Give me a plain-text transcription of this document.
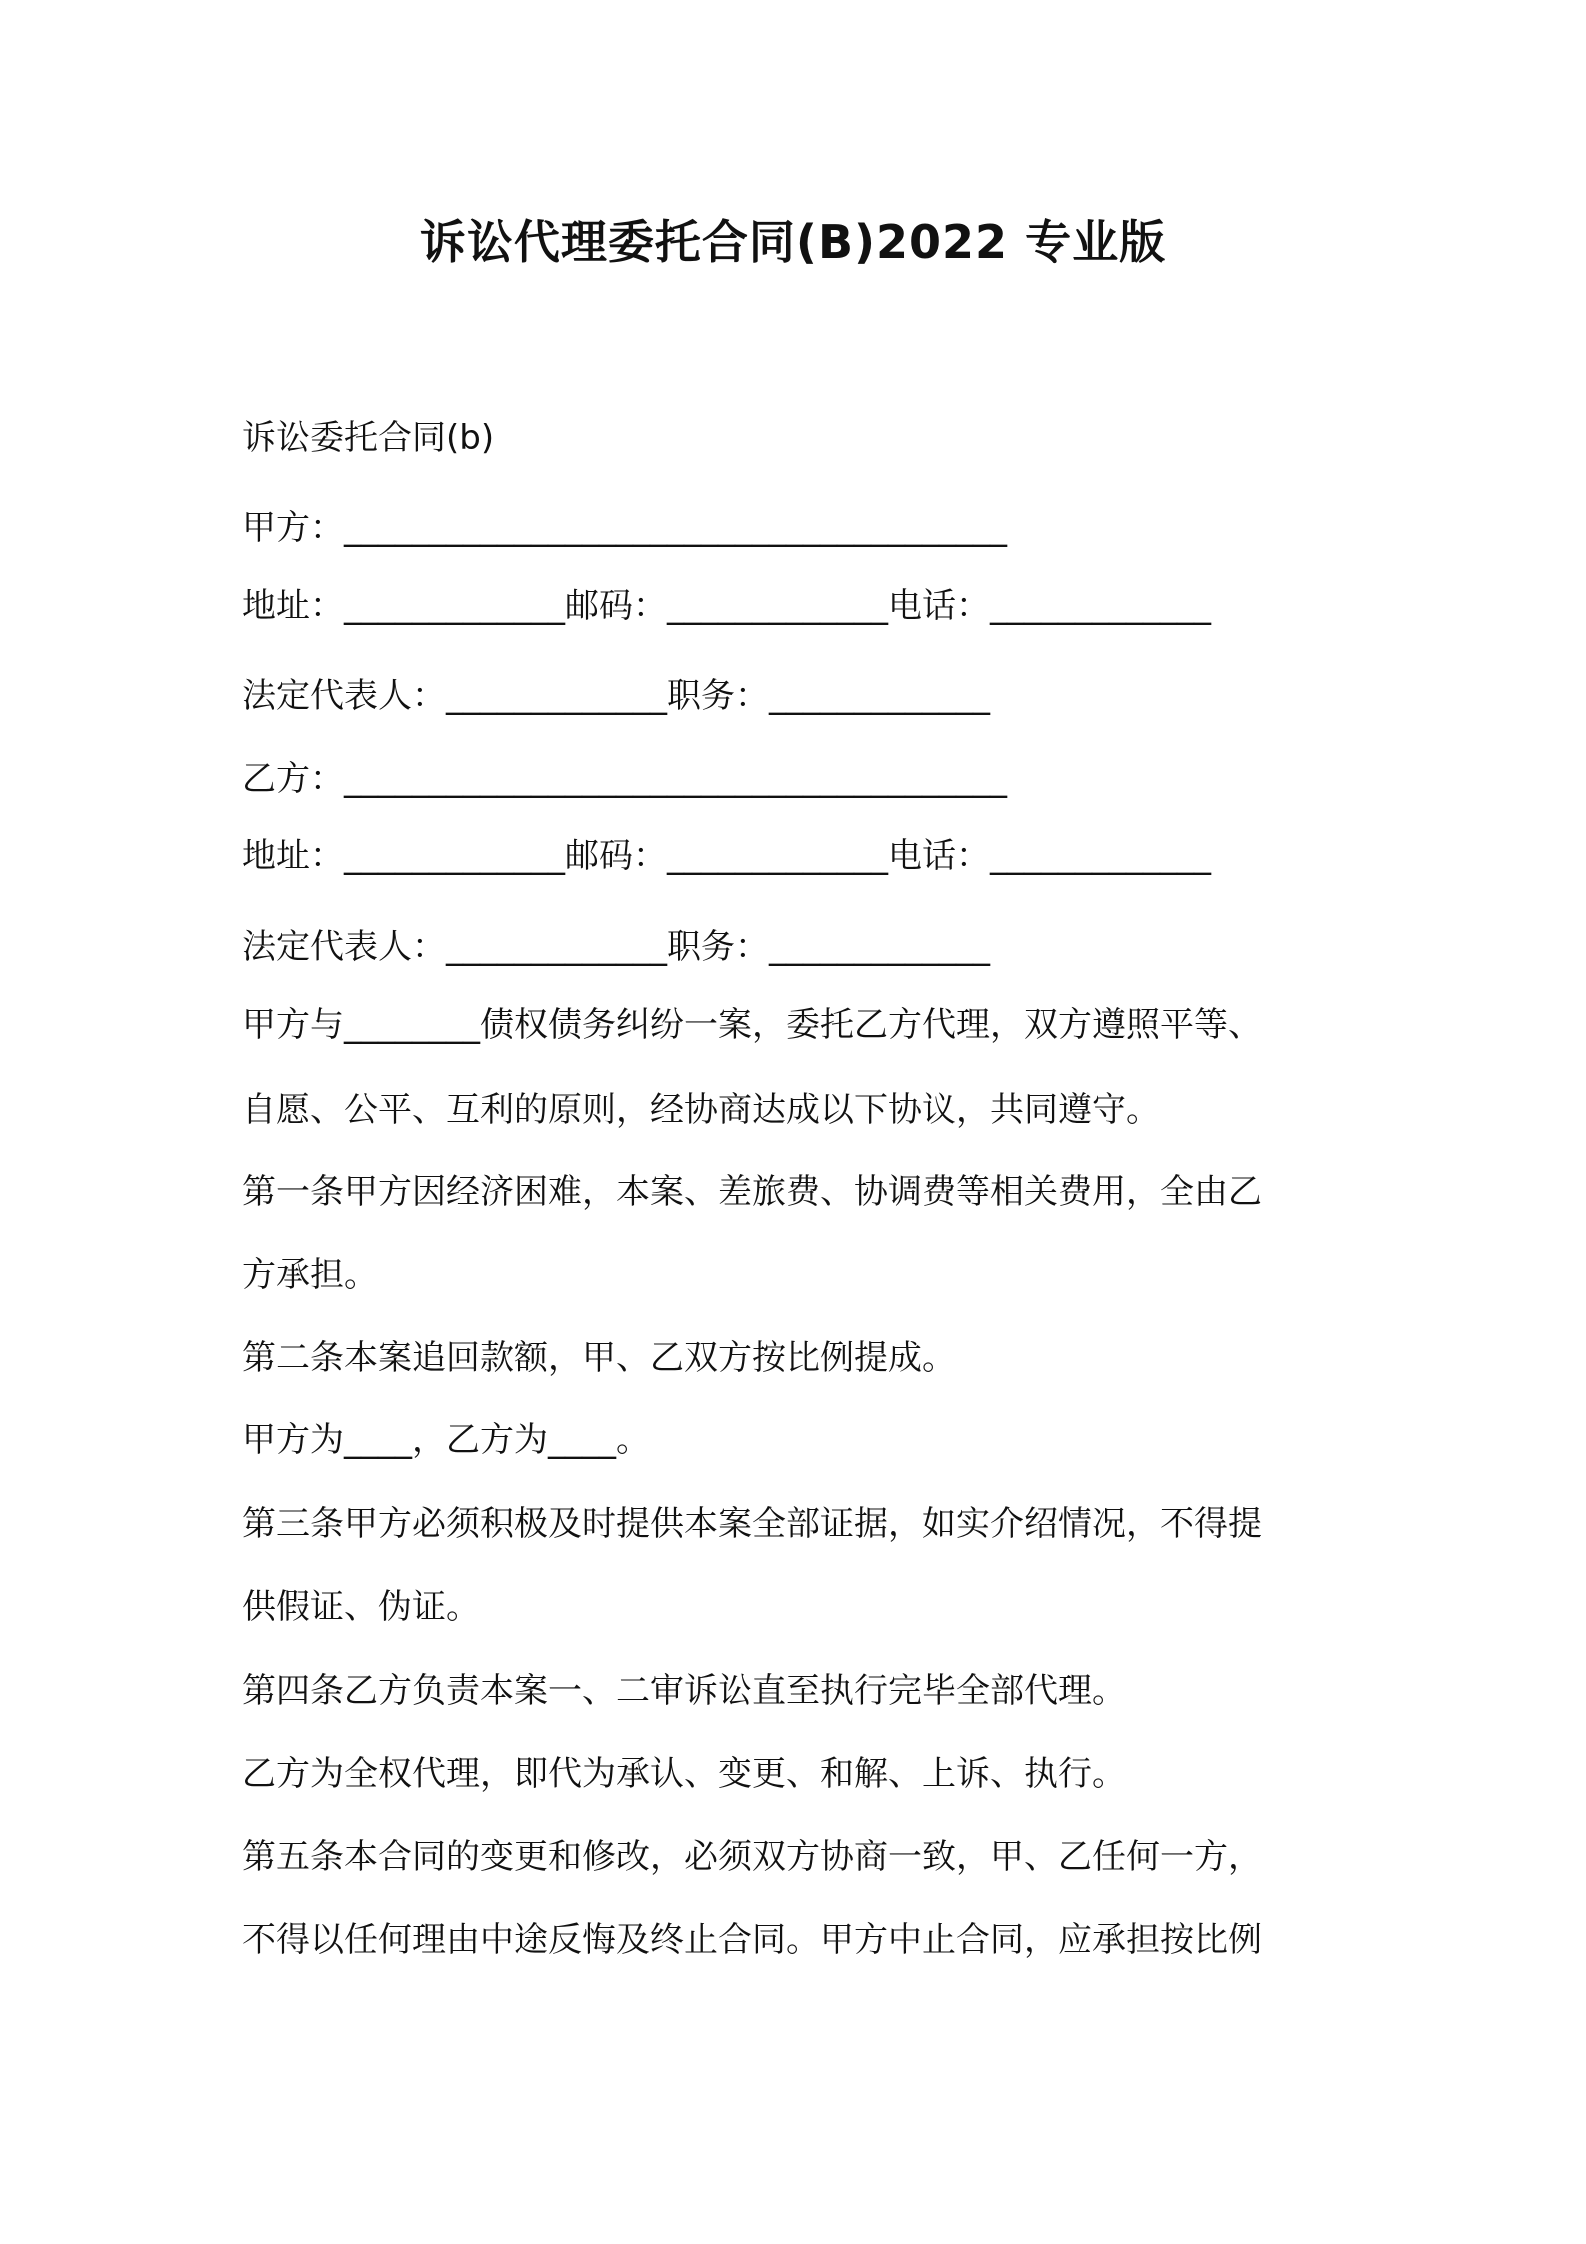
诉讼代理委托合同(B)2022 专业版

诉讼委托合同(b)

甲方：_______________________________________

地址：_____________邮码：_____________电话：_____________

法定代表人：_____________职务：_____________

乙方：_______________________________________

地址：_____________邮码：_____________电话：_____________

法定代表人：_____________职务：_____________

甲方与________债权债务纠纷一案，委托乙方代理，双方遵照平等、

自愿、公平、互利的原则，经协商达成以下协议，共同遵守。

第一条甲方因经济困难，本案、差旅费、协调费等相关费用，全由乙

方承担。

第二条本案追回款额，甲、乙双方按比例提成。

甲方为____，乙方为____。

第三条甲方必须积极及时提供本案全部证据，如实介绍情况，不得提

供假证、伪证。

第四条乙方负责本案一、二审诉讼直至执行完毕全部代理。

乙方为全权代理，即代为承认、变更、和解、上诉、执行。

第五条本合同的变更和修改，必须双方协商一致，甲、乙任何一方，

不得以任何理由中途反悔及终止合同。甲方中止合同，应承担按比例
